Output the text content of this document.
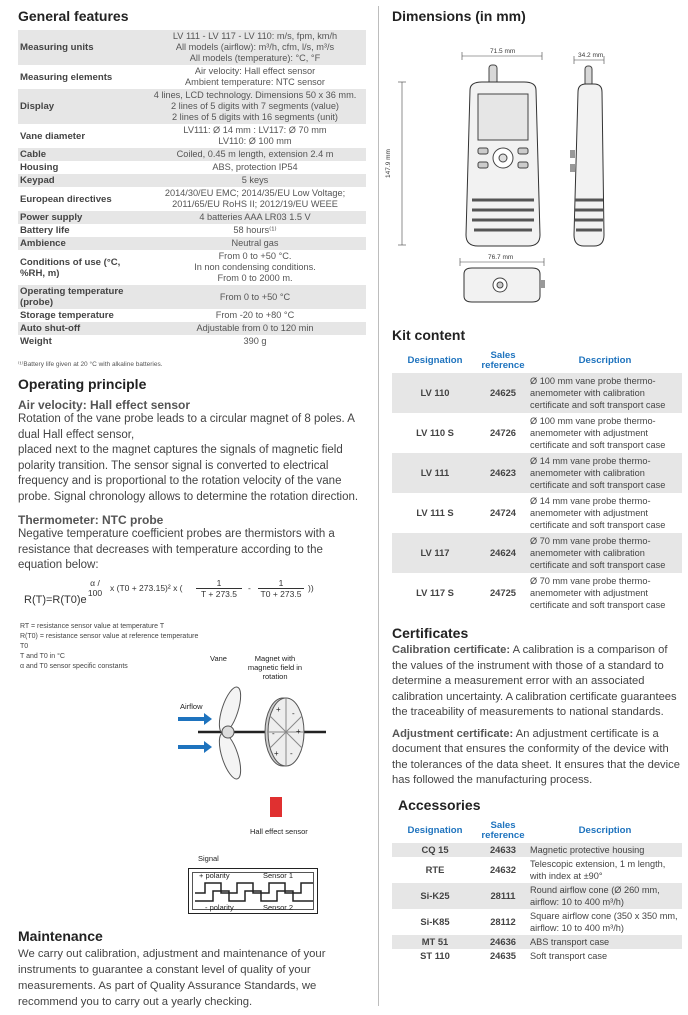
General features
Measuring units	LV 111 - LV 117 - LV 110: m/s, fpm, km/h
All models (airflow): m³/h, cfm, l/s, m³/s
All models (temperature): °C, °F

Measuring elements	Air velocity: Hall effect sensor
Ambient temperature: NTC sensor

Display	4 lines, LCD technology. Dimensions 50 x 36 mm.
2 lines of 5 digits with 7 segments (value)
2 lines of 5 digits with 16 segments (unit)

Vane diameter	LV111: Ø 14 mm : LV117: Ø 70 mm
LV110: Ø 100 mm

Cable	Coiled, 0.45 m length, extension 2.4 m

Housing	ABS, protection IP54

Keypad	5 keys

European directives	2014/30/EU EMC; 2014/35/EU Low Voltage;
2011/65/EU RoHS II; 2012/19/EU WEEE

Power supply	4 batteries AAA LR03 1.5 V

Battery life	58 hours⁽¹⁾

Ambience	Neutral gas

Conditions of use (°C, %RH, m)	From 0 to +50 °C.
In non condensing conditions.
From 0 to 2000 m.

Operating temperature (probe)	From 0 to +50 °C

Storage temperature	From -20 to +80 °C

Auto shut-off	Adjustable from 0 to 120 min

Weight	390 g
⁽¹⁾Battery life given at 20 °C with alkaline batteries.
Operating principle
Air velocity: Hall effect sensor

Rotation of the vane probe leads to a circular magnet of 8 poles. A dual Hall effect sensor,

placed next to the magnet captures the signals of magnetic field polarity transition. The sensor signal is converted to electrical frequency and is proportional to the rotation velocity of the vane probe. Signal chronology allows to determine the rotation direction.

Thermometer: NTC probe

Negative temperature coefficient probes are thermistors with a resistance that decreases with temperature according to the equation below:

R(T)=R(T0)e
α / 100 x (T0 + 273.15)² x (	1
T + 273.5
-	1
T0 + 273.5
))
RT = resistance sensor value at temperature T
R(T0) = resistance sensor value at reference temperature T0
T and T0 in °C
α and T0 sensor specific constants
Vane	Magnet with magnetic field in rotation
Airflow	+ -
+
-
+
-
Hall effect sensor
Signal
+ polarity	Sensor 1
- polarity	Sensor 2
Maintenance

We carry out calibration, adjustment and maintenance of your instruments to guarantee a constant level of quality of your measurements. As part of Quality Assurance Standards, we recommend you to carry out a yearly checking.

Dimensions (in mm)
71.5 mm
34.2 mm
147.9 mm
76.7 mm
Kit content
Designation	Sales reference	Description
LV 110	24625	Ø 100 mm vane probe thermo-anemometer with calibration certificate and soft transport case
LV 110 S	24726	Ø 100 mm vane probe thermo-anemometer with adjustment certificate and soft transport case
LV 111	24623	Ø 14 mm vane probe thermo-anemometer with calibration certificate and soft transport case
LV 111 S	24724	Ø 14 mm vane probe thermo-anemometer with adjustment certificate and soft transport case
LV 117	24624	Ø 70 mm vane probe thermo-anemometer with calibration certificate and soft transport case
LV 117 S	24725	Ø 70 mm vane probe thermo-anemometer with adjustment certificate and soft transport case
Certificates

Calibration certificate: A calibration is a comparison of the values of the instrument with those of a standard to determine a measurement error with an associated calibration uncertainty. A calibration certificate guarantees the traceability of measurements to national standards.

Adjustment certificate: An adjustment certificate is a document that ensures the conformity of the device with the tolerances of the data sheet. It ensures that the device has followed the manufacturing process.

Accessories
Designation	Sales reference	Description
CQ 15	24633	Magnetic protective housing
RTE	24632	Telescopic extension, 1 m length, with index at ±90°
Si-K25	28111	Round airflow cone (Ø 260 mm, airflow: 10 to 400 m³/h)
Si-K85	28112	Square airflow cone (350 x 350 mm, airflow: 10 to 400 m³/h)
MT 51	24636	ABS transport case
ST 110	24635	Soft transport case
